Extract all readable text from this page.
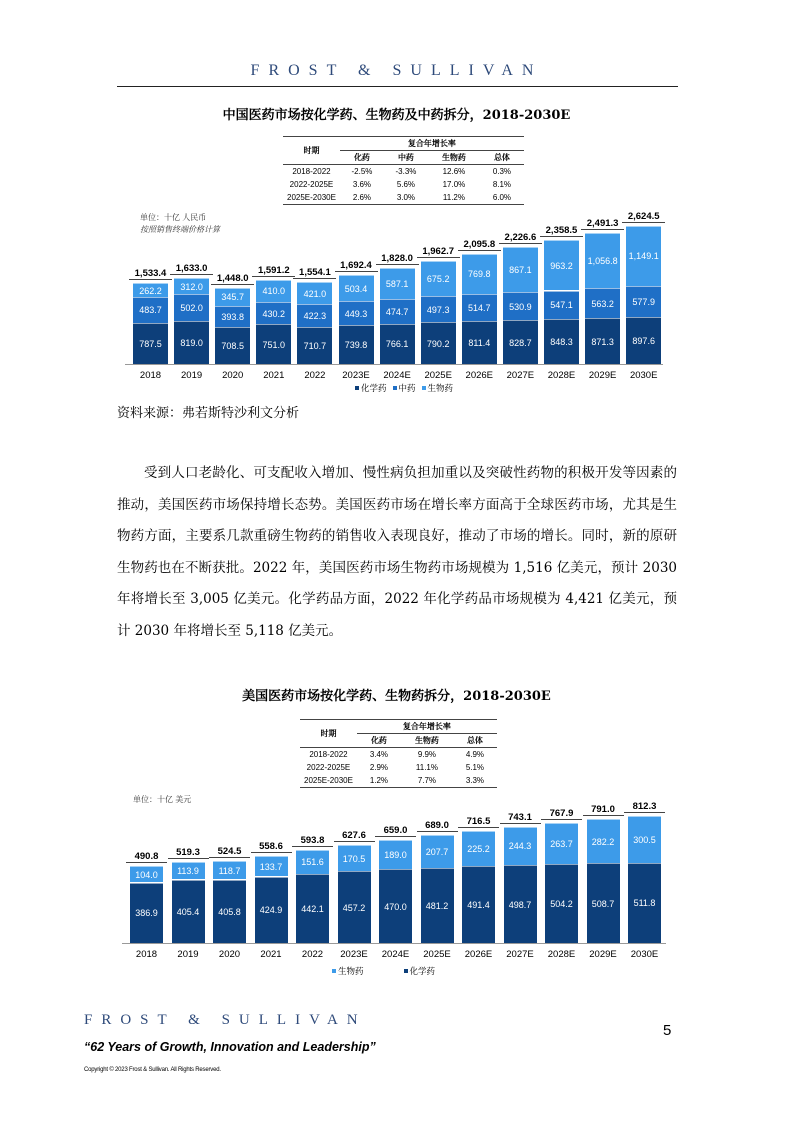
FROST & SULLIVAN
中国医药市场按化学药、生物药及中药拆分，2018-2030E
时期	复合年增长率			
	化药	中药	生物药	总体
2018-2022	-2.5%	-3.3%	12.6%	0.3%
2022-2025E	3.6%	5.6%	17.0%	8.1%
2025E-2030E	2.6%	3.0%	11.2%	6.0%
单位：十亿 人民币
按照销售终端价格计算
787.5
483.7
262.2
1,533.4
2018
819.0
502.0
312.0
1,633.0
2019
708.5
393.8
345.7
1,448.0
2020
751.0
430.2
410.0
1,591.2
2021
710.7
422.3
421.0
1,554.1
2022
739.8
449.3
503.4
1,692.4
2023E
766.1
474.7
587.1
1,828.0
2024E
790.2
497.3
675.2
1,962.7
2025E
811.4
514.7
769.8
2,095.8
2026E
828.7
530.9
867.1
2,226.6
2027E
848.3
547.1
963.2
2,358.5
2028E
871.3
563.2
1,056.8
2,491.3
2029E
897.6
577.9
1,149.1
2,624.5
2030E
化学药 中药 生物药
资料来源：弗若斯特沙利文分析
受到人口老龄化、可支配收入增加、慢性病负担加重以及突破性药物的积极开发等因素的推动，美国医药市场保持增长态势。美国医药市场在增长率方面高于全球医药市场，尤其是生物药方面，主要系几款重磅生物药的销售收入表现良好，推动了市场的增长。同时，新的原研生物药也在不断获批。2022 年，美国医药市场生物药市场规模为 1,516 亿美元，预计 2030 年将增长至 3,005 亿美元。化学药品方面，2022 年化学药品市场规模为 4,421 亿美元，预计 2030 年将增长至 5,118 亿美元。
美国医药市场按化学药、生物药拆分，2018-2030E
时期	复合年增长率		
	化药	生物药	总体
2018-2022	3.4%	9.9%	4.9%
2022-2025E	2.9%	11.1%	5.1%
2025E-2030E	1.2%	7.7%	3.3%
单位：十亿 美元
386.9
104.0
490.8
2018
405.4
113.9
519.3
2019
405.8
118.7
524.5
2020
424.9
133.7
558.6
2021
442.1
151.6
593.8
2022
457.2
170.5
627.6
2023E
470.0
189.0
659.0
2024E
481.2
207.7
689.0
2025E
491.4
225.2
716.5
2026E
498.7
244.3
743.1
2027E
504.2
263.7
767.9
2028E
508.7
282.2
791.0
2029E
511.8
300.5
812.3
2030E
生物药	化学药
FROST & SULLIVAN
5
“62 Years of Growth, Innovation and Leadership”
Copyright © 2023 Frost & Sullivan. All Rights Reserved.
